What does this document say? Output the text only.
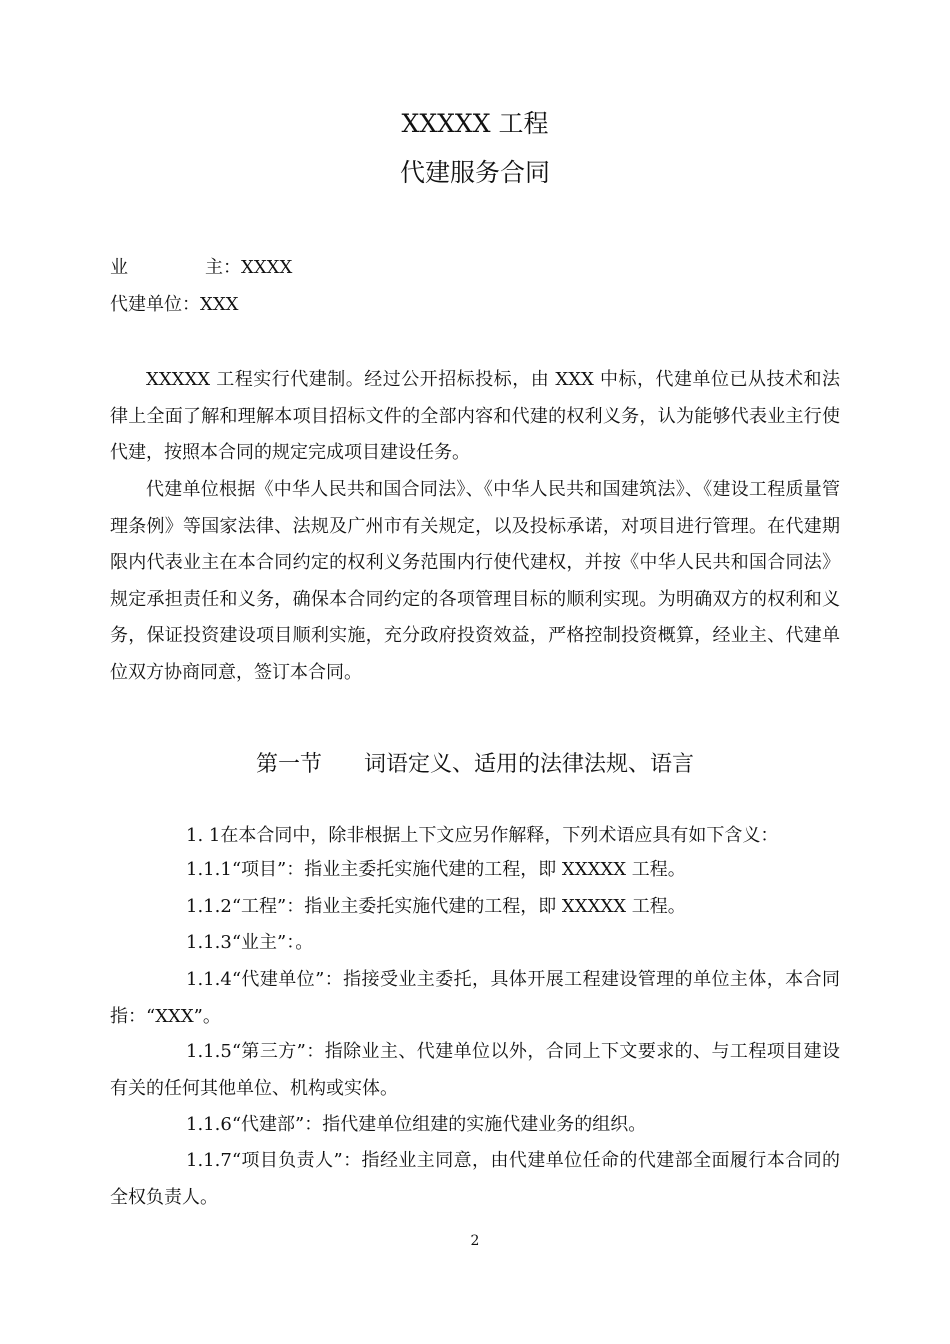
XXXXX 工程
代建服务合同
业	主：XXXX
代建单位：XXX

XXXXX 工程实行代建制。经过公开招标投标，由 XXX 中标，代建单位已从技术和法律上全面了解和理解本项目招标文件的全部内容和代建的权利义务，认为能够代表业主行使代建，按照本合同的规定完成项目建设任务。

代建单位根据《中华人民共和国合同法》、《中华人民共和国建筑法》、《建设工程质量管理条例》等国家法律、法规及广州市有关规定，以及投标承诺，对项目进行管理。在代建期限内代表业主在本合同约定的权利义务范围内行使代建权，并按《中华人民共和国合同法》规定承担责任和义务，确保本合同约定的各项管理目标的顺利实现。为明确双方的权利和义务，保证投资建设项目顺利实施，充分政府投资效益，严格控制投资概算，经业主、代建单位双方协商同意，签订本合同。

第一节 词语定义、适用的法律法规、语言

1. 1在本合同中，除非根据上下文应另作解释，下列术语应具有如下含义：

1.1.1“项目”：指业主委托实施代建的工程，即 XXXXX 工程。

1.1.2“工程”：指业主委托实施代建的工程，即 XXXXX 工程。

1.1.3“业主”：。

1.1.4“代建单位”：指接受业主委托，具体开展工程建设管理的单位主体，本合同指：“XXX”。

1.1.5“第三方”：指除业主、代建单位以外，合同上下文要求的、与工程项目建设有关的任何其他单位、机构或实体。

1.1.6“代建部”：指代建单位组建的实施代建业务的组织。

1.1.7“项目负责人”：指经业主同意，由代建单位任命的代建部全面履行本合同的全权负责人。

2
